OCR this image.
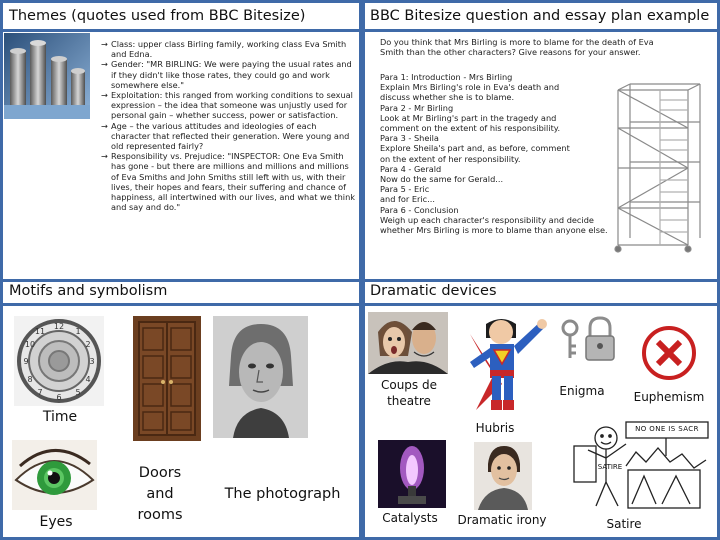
Themes (quotes used from BBC Bitesize)
→ Class: upper class Birling family, working class Eva Smith and Edna.
→ Gender: "MR BIRLING: We were paying the usual rates and if they didn't like those rates, they could go and work somewhere else."
→ Exploitation: this ranged from working conditions to sexual expression – the idea that someone was unjustly used for personal gain – whether success, power or satisfaction.
→ Age – the various attitudes and ideologies of each character that reflected their generation. Were young and old represented fairly?
→ Responsibility vs. Prejudice: "INSPECTOR: One Eva Smith has gone - but there are millions and millions and millions of Eva Smiths and John Smiths still left with us, with their lives, their hopes and fears, their suffering and chance of happiness, all intertwined with our lives, and what we think and say and do."
BBC Bitesize question and essay plan example
Do you think that Mrs Birling is more to blame for the death of Eva Smith than the other characters? Give reasons for your answer.
Para 1: Introduction - Mrs Birling
Explain Mrs Birling's role in Eva's death and
discuss whether she is to blame.
Para 2 - Mr Birling
Look at Mr Birling's part in the tragedy and
comment on the extent of his responsibility.
Para 3 - Sheila
Explore Sheila's part and, as before, comment
on the extent of her responsibility.
Para 4 - Gerald
Now do the same for Gerald...
Para 5 - Eric
and for Eric...
Para 6 - Conclusion
Weigh up each character's responsibility and decide
whether Mrs Birling is more to blame than anyone else.
Motifs and symbolism
12
3
6
9
1
2
4
5
7
8
10
11
Time
Eyes
Doors and rooms
The photograph
Dramatic devices
Enigma	Euphemism
Coups de theatre
Hubris
Catalysts	Dramatic irony
NO ONE IS SACR
SATIRE
Satire
